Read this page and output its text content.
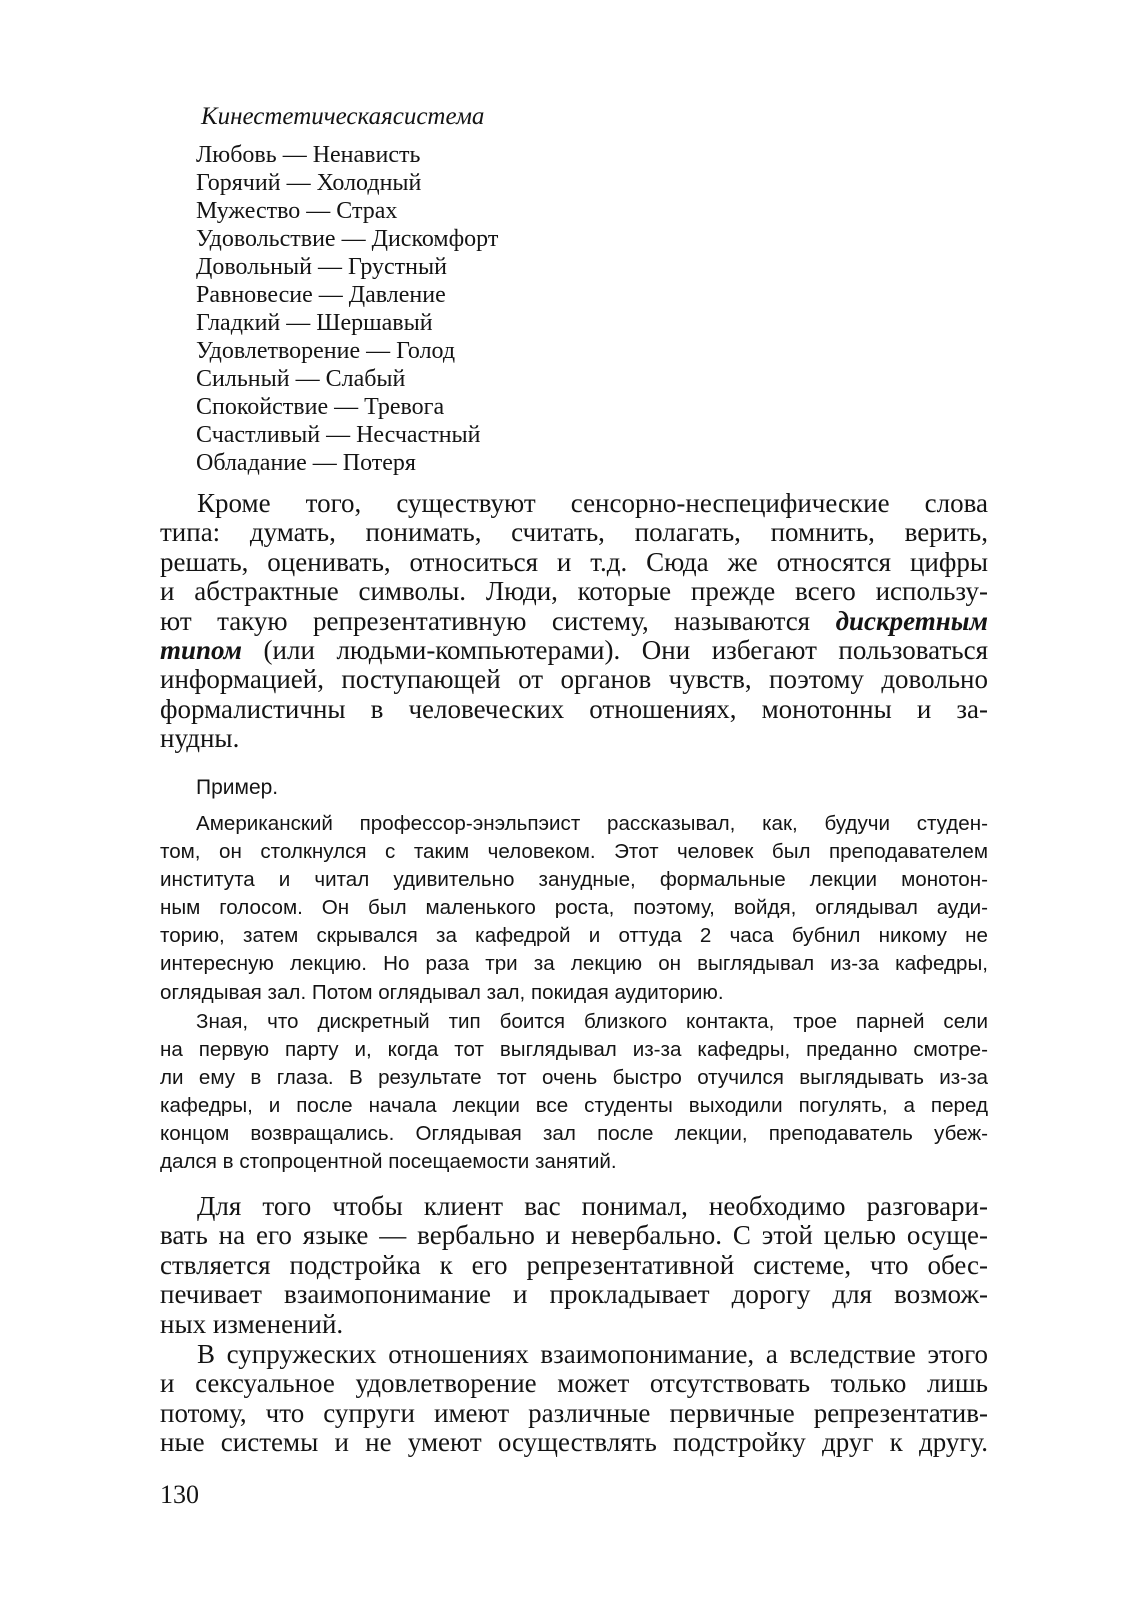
Кинестетическаясистема
Любовь — Ненависть
Горячий — Холодный
Мужество — Страх
Удовольствие — Дискомфорт
Довольный — Грустный
Равновесие — Давление
Гладкий — Шершавый
Удовлетворение — Голод
Сильный — Слабый
Спокойствие — Тревога
Счастливый — Несчастный
Обладание — Потеря
Кроме того, существуют сенсорно-неспецифические слова
типа: думать, понимать, считать, полагать, помнить, верить,
решать, оценивать, относиться и т.д. Сюда же относятся цифры
и абстрактные символы. Люди, которые прежде всего использу-
ют такую репрезентативную систему, называются дискретным
типом (или людьми-компьютерами). Они избегают пользоваться
информацией, поступающей от органов чувств, поэтому довольно
формалистичны в человеческих отношениях, монотонны и за-
нудны.
Пример.
Американский профессор-энэльпэист рассказывал, как, будучи студен-
том, он столкнулся с таким человеком. Этот человек был преподавателем
института и читал удивительно занудные, формальные лекции монотон-
ным голосом. Он был маленького роста, поэтому, войдя, оглядывал ауди-
торию, затем скрывался за кафедрой и оттуда 2 часа бубнил никому не
интересную лекцию. Но раза три за лекцию он выглядывал из-за кафедры,
оглядывая зал. Потом оглядывал зал, покидая аудиторию.
Зная, что дискретный тип боится близкого контакта, трое парней сели
на первую парту и, когда тот выглядывал из-за кафедры, преданно смотре-
ли ему в глаза. В результате тот очень быстро отучился выглядывать из-за
кафедры, и после начала лекции все студенты выходили погулять, а перед
концом возвращались. Оглядывая зал после лекции, преподаватель убеж-
дался в стопроцентной посещаемости занятий.
Для того чтобы клиент вас понимал, необходимо разговари-
вать на его языке — вербально и невербально. С этой целью осуще-
ствляется подстройка к его репрезентативной системе, что обес-
печивает взаимопонимание и прокладывает дорогу для возмож-
ных изменений.
В супружеских отношениях взаимопонимание, а вследствие этого
и сексуальное удовлетворение может отсутствовать только лишь
потому, что супруги имеют различные первичные репрезентатив-
ные системы и не умеют осуществлять подстройку друг к другу.
130
